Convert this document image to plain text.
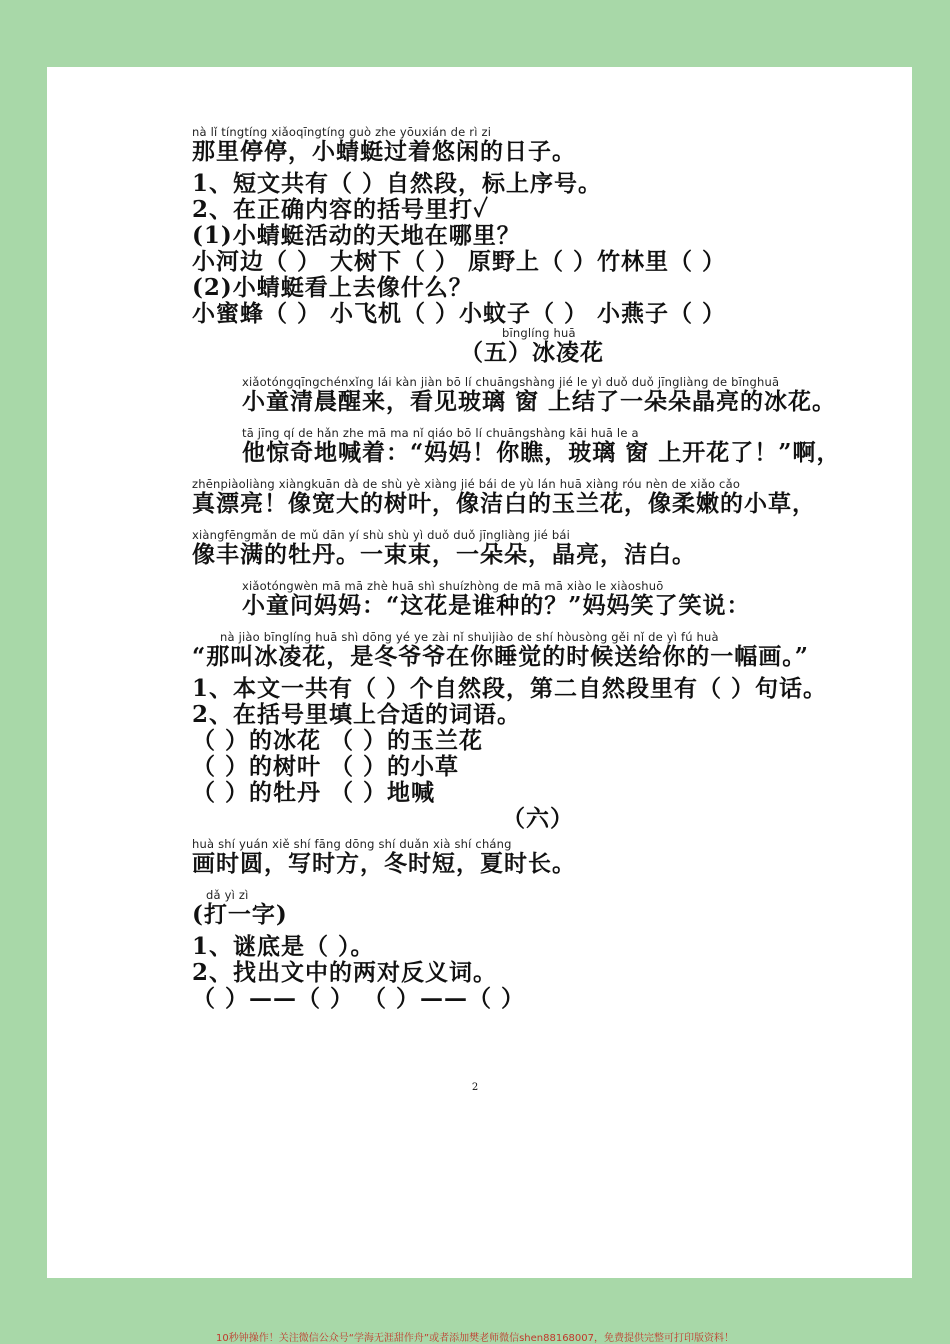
nà lǐ tíngtíng xiǎoqīngtíng guò zhe yōuxián de rì zi
那里停停，小蜻蜓过着悠闲的日子。
1、短文共有（ ）自然段，标上序号。
2、在正确内容的括号里打✓
(1)小蜻蜓活动的天地在哪里？
小河边（ ） 大树下（ ） 原野上（ ）竹林里（ ）
(2)小蜻蜓看上去像什么？
小蜜蜂（ ） 小飞机（ ）小蚊子（ ） 小燕子（ ）
bīnglíng huā
（五）冰凌花
xiǎotóngqīngchénxǐng lái kàn jiàn bō lí chuāngshàng jié le yì duǒ duǒ jīngliàng de bīnghuā
小童清晨醒来，看见玻璃 窗 上结了一朵朵晶亮的冰花。
tā jīng qí de hǎn zhe mā ma nǐ qiáo bō lí chuāngshàng kāi huā le a
他惊奇地喊着：“妈妈！你瞧，玻璃 窗 上开花了！”啊，
zhēnpiàoliàng xiàngkuān dà de shù yè xiàng jié bái de yù lán huā xiàng róu nèn de xiǎo cǎo
真漂亮！像宽大的树叶，像洁白的玉兰花，像柔嫩的小草，
xiàngfēngmǎn de mǔ dān yí shù shù yì duǒ duǒ jīngliàng jié bái
像丰满的牡丹。一束束，一朵朵，晶亮，洁白。
xiǎotóngwèn mā mā zhè huā shì shuízhòng de mā mā xiào le xiàoshuō
小童问妈妈：“这花是谁种的？”妈妈笑了笑说：
nà jiào bīnglíng huā shì dōng yé ye zài nǐ shuìjiào de shí hòusòng gěi nǐ de yì fú huà
“那叫冰凌花，是冬爷爷在你睡觉的时候送给你的一幅画。”
1、本文一共有（ ）个自然段，第二自然段里有（ ）句话。
2、在括号里填上合适的词语。
（ ）的冰花 （ ）的玉兰花
（ ）的树叶 （ ）的小草
（ ）的牡丹 （ ）地喊
（六）
huà shí yuán xiě shí fāng dōng shí duǎn xià shí cháng
画时圆，写时方，冬时短，夏时长。
dǎ yì zì
(打一字)
1、谜底是（ ）。
2、找出文中的两对反义词。
（ ）——（ ） （ ）——（ ）
2
10秒钟操作！关注微信公众号“学海无涯甜作舟”或者添加樊老师微信shen88168007，免费提供完整可打印版资料！
